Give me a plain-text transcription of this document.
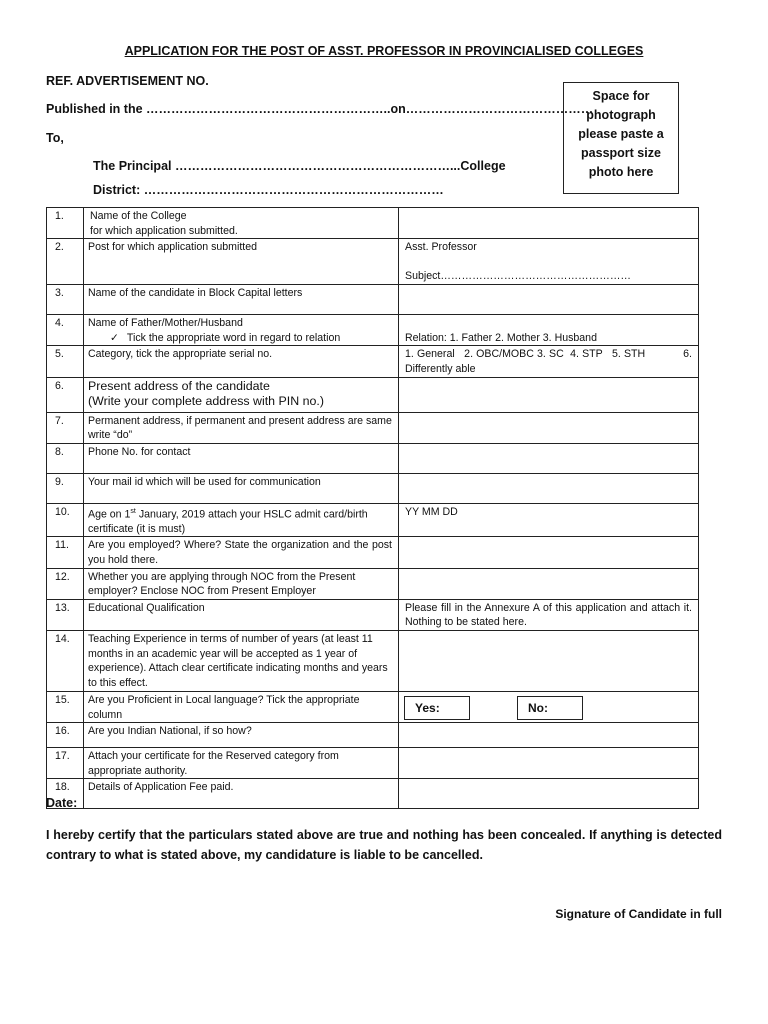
APPLICATION FOR THE POST OF ASST. PROFESSOR IN PROVINCIALISED COLLEGES
REF. ADVERTISEMENT NO.
Published in the …………………………………………………..on………………………………………
To,
The Principal …………………………………………………………...College
District: ………………………………………………………………
Space for
photograph
please paste a
passport size
photo here
1.	Name of the College
for which application submitted.	

2.	Post for which application submitted	Asst. Professor
Subject………………………………………………

3.	Name of the candidate in Block Capital letters	

4.	Name of Father/Mother/Husband
✓ Tick the appropriate word in regard to relation	Relation: 1. Father 2. Mother 3. Husband

5.	Category, tick the appropriate serial no.	1. General   2. OBC/MOBC 3. SC  4. STP   5. STH            6. Differently able

6.	Present address of the candidate
(Write your complete address with PIN no.)	

7.	Permanent address, if permanent and present address are same write “do”	

8.	Phone No. for contact	

9.	Your mail id which will be used for communication	

10.	Age on 1st January, 2019 attach your HSLC admit card/birth certificate (it is must)	YY MM DD

11.	Are you employed? Where? State the organization and the post you hold there.	

12.	Whether you are applying through NOC from the Present employer? Enclose NOC from Present Employer	

13.	Educational Qualification	Please fill in the Annexure A of this application and attach it. Nothing to be stated here.

14.	Teaching Experience in terms of number of years (at least 11 months in an academic year will be accepted as 1 year of experience). Attach clear certificate indicating months and years to this effect.	

15.	Are you Proficient in Local language? Tick the appropriate column	Yes: No:

16.	Are you Indian National, if so how?	

17.	Attach your certificate for the Reserved category from appropriate authority.	

18.	Details of Application Fee paid.	

Date:
I hereby certify that the particulars stated above are true and nothing has been concealed. If anything is detected contrary to what is stated above, my candidature is liable to be cancelled.
Signature of Candidate in full
